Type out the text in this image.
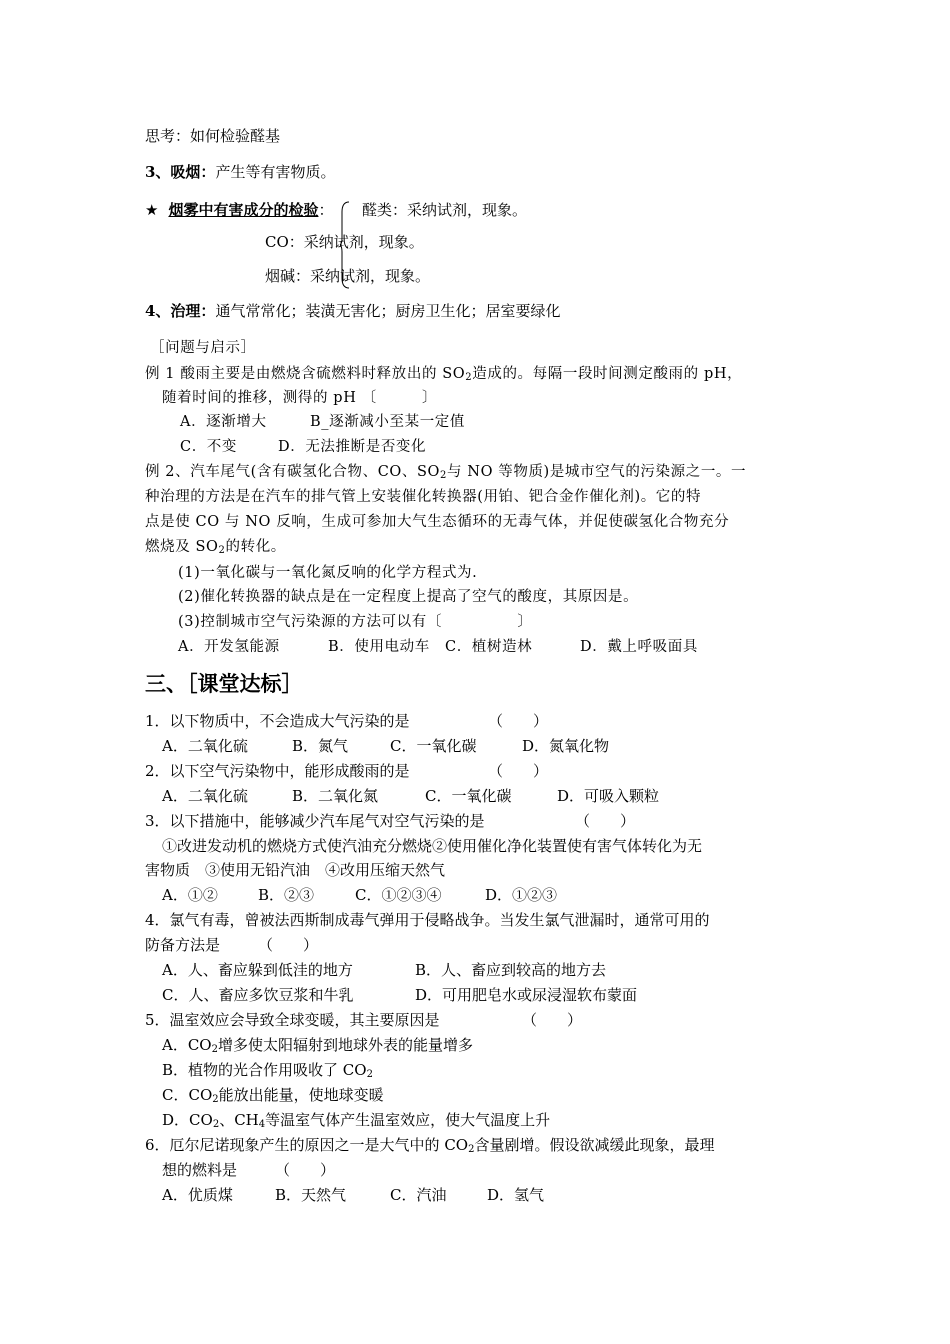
思考：如何检验醛基
3、吸烟：产生等有害物质。
★ 烟雾中有害成分的检验： 醛类：采纳试剂，现象。
CO：采纳试剂，现象。
烟碱：采纳试剂，现象。
4、治理：通气常常化；装潢无害化；厨房卫生化；居室要绿化
［问题与启示］
例 1 酸雨主要是由燃烧含硫燃料时释放出的 $SO_2$造成的。每隔一段时间测定酸雨的 pH，
随着时间的推移，测得的 pH 〔　　　〕
A．逐渐增大	B_逐渐减小至某一定值
C．不变	D．无法推断是否变化
例 2、汽车尾气(含有碳氢化合物、CO、$SO_2$与 NO 等物质)是城市空气的污染源之一。一
种治理的方法是在汽车的排气管上安装催化转换器(用铂、钯合金作催化剂)。它的特
点是使 CO 与 NO 反响，生成可参加大气生态循环的无毒气体，并促使碳氢化合物充分
燃烧及 $SO_2$的转化。
(1)一氧化碳与一氧化氮反响的化学方程式为.
(2)催化转换器的缺点是在一定程度上提高了空气的酸度，其原因是。
(3)控制城市空气污染源的方法可以有〔　　　　　〕
A．开发氢能源	B．使用电动车 C．植树造林	D．戴上呼吸面具
三、［课堂达标］
1．以下物质中，不会造成大气污染的是	（　　）
A．二氧化硫	B．氮气	C．一氧化碳	D．氮氧化物
2．以下空气污染物中，能形成酸雨的是	（　　）
A．二氧化硫	B．二氧化氮	C．一氧化碳	D．可吸入颗粒
3．以下措施中，能够减少汽车尾气对空气污染的是	（　　）
①改进发动机的燃烧方式使汽油充分燃烧②使用催化净化装置使有害气体转化为无
害物质　③使用无铅汽油　④改用压缩天然气
A．①②	B．②③	C．①②③④	D．①②③
4．氯气有毒，曾被法西斯制成毒气弹用于侵略战争。当发生氯气泄漏时，通常可用的
防备方法是	（　　）
A．人、畜应躲到低洼的地方	B．人、畜应到较高的地方去
C．人、畜应多饮豆浆和牛乳	D．可用肥皂水或尿浸湿软布蒙面
5．温室效应会导致全球变暖，其主要原因是	（　　）
A．$CO_2$增多使太阳辐射到地球外表的能量增多
B．植物的光合作用吸收了 $CO_2$
C．$CO_2$能放出能量，使地球变暖
D．$CO_2$、$CH_4$等温室气体产生温室效应，使大气温度上升
6．厄尔尼诺现象产生的原因之一是大气中的 $CO_2$含量剧增。假设欲减缓此现象，最理
想的燃料是	（　　）
A．优质煤	B．天然气	C．汽油	D．氢气
